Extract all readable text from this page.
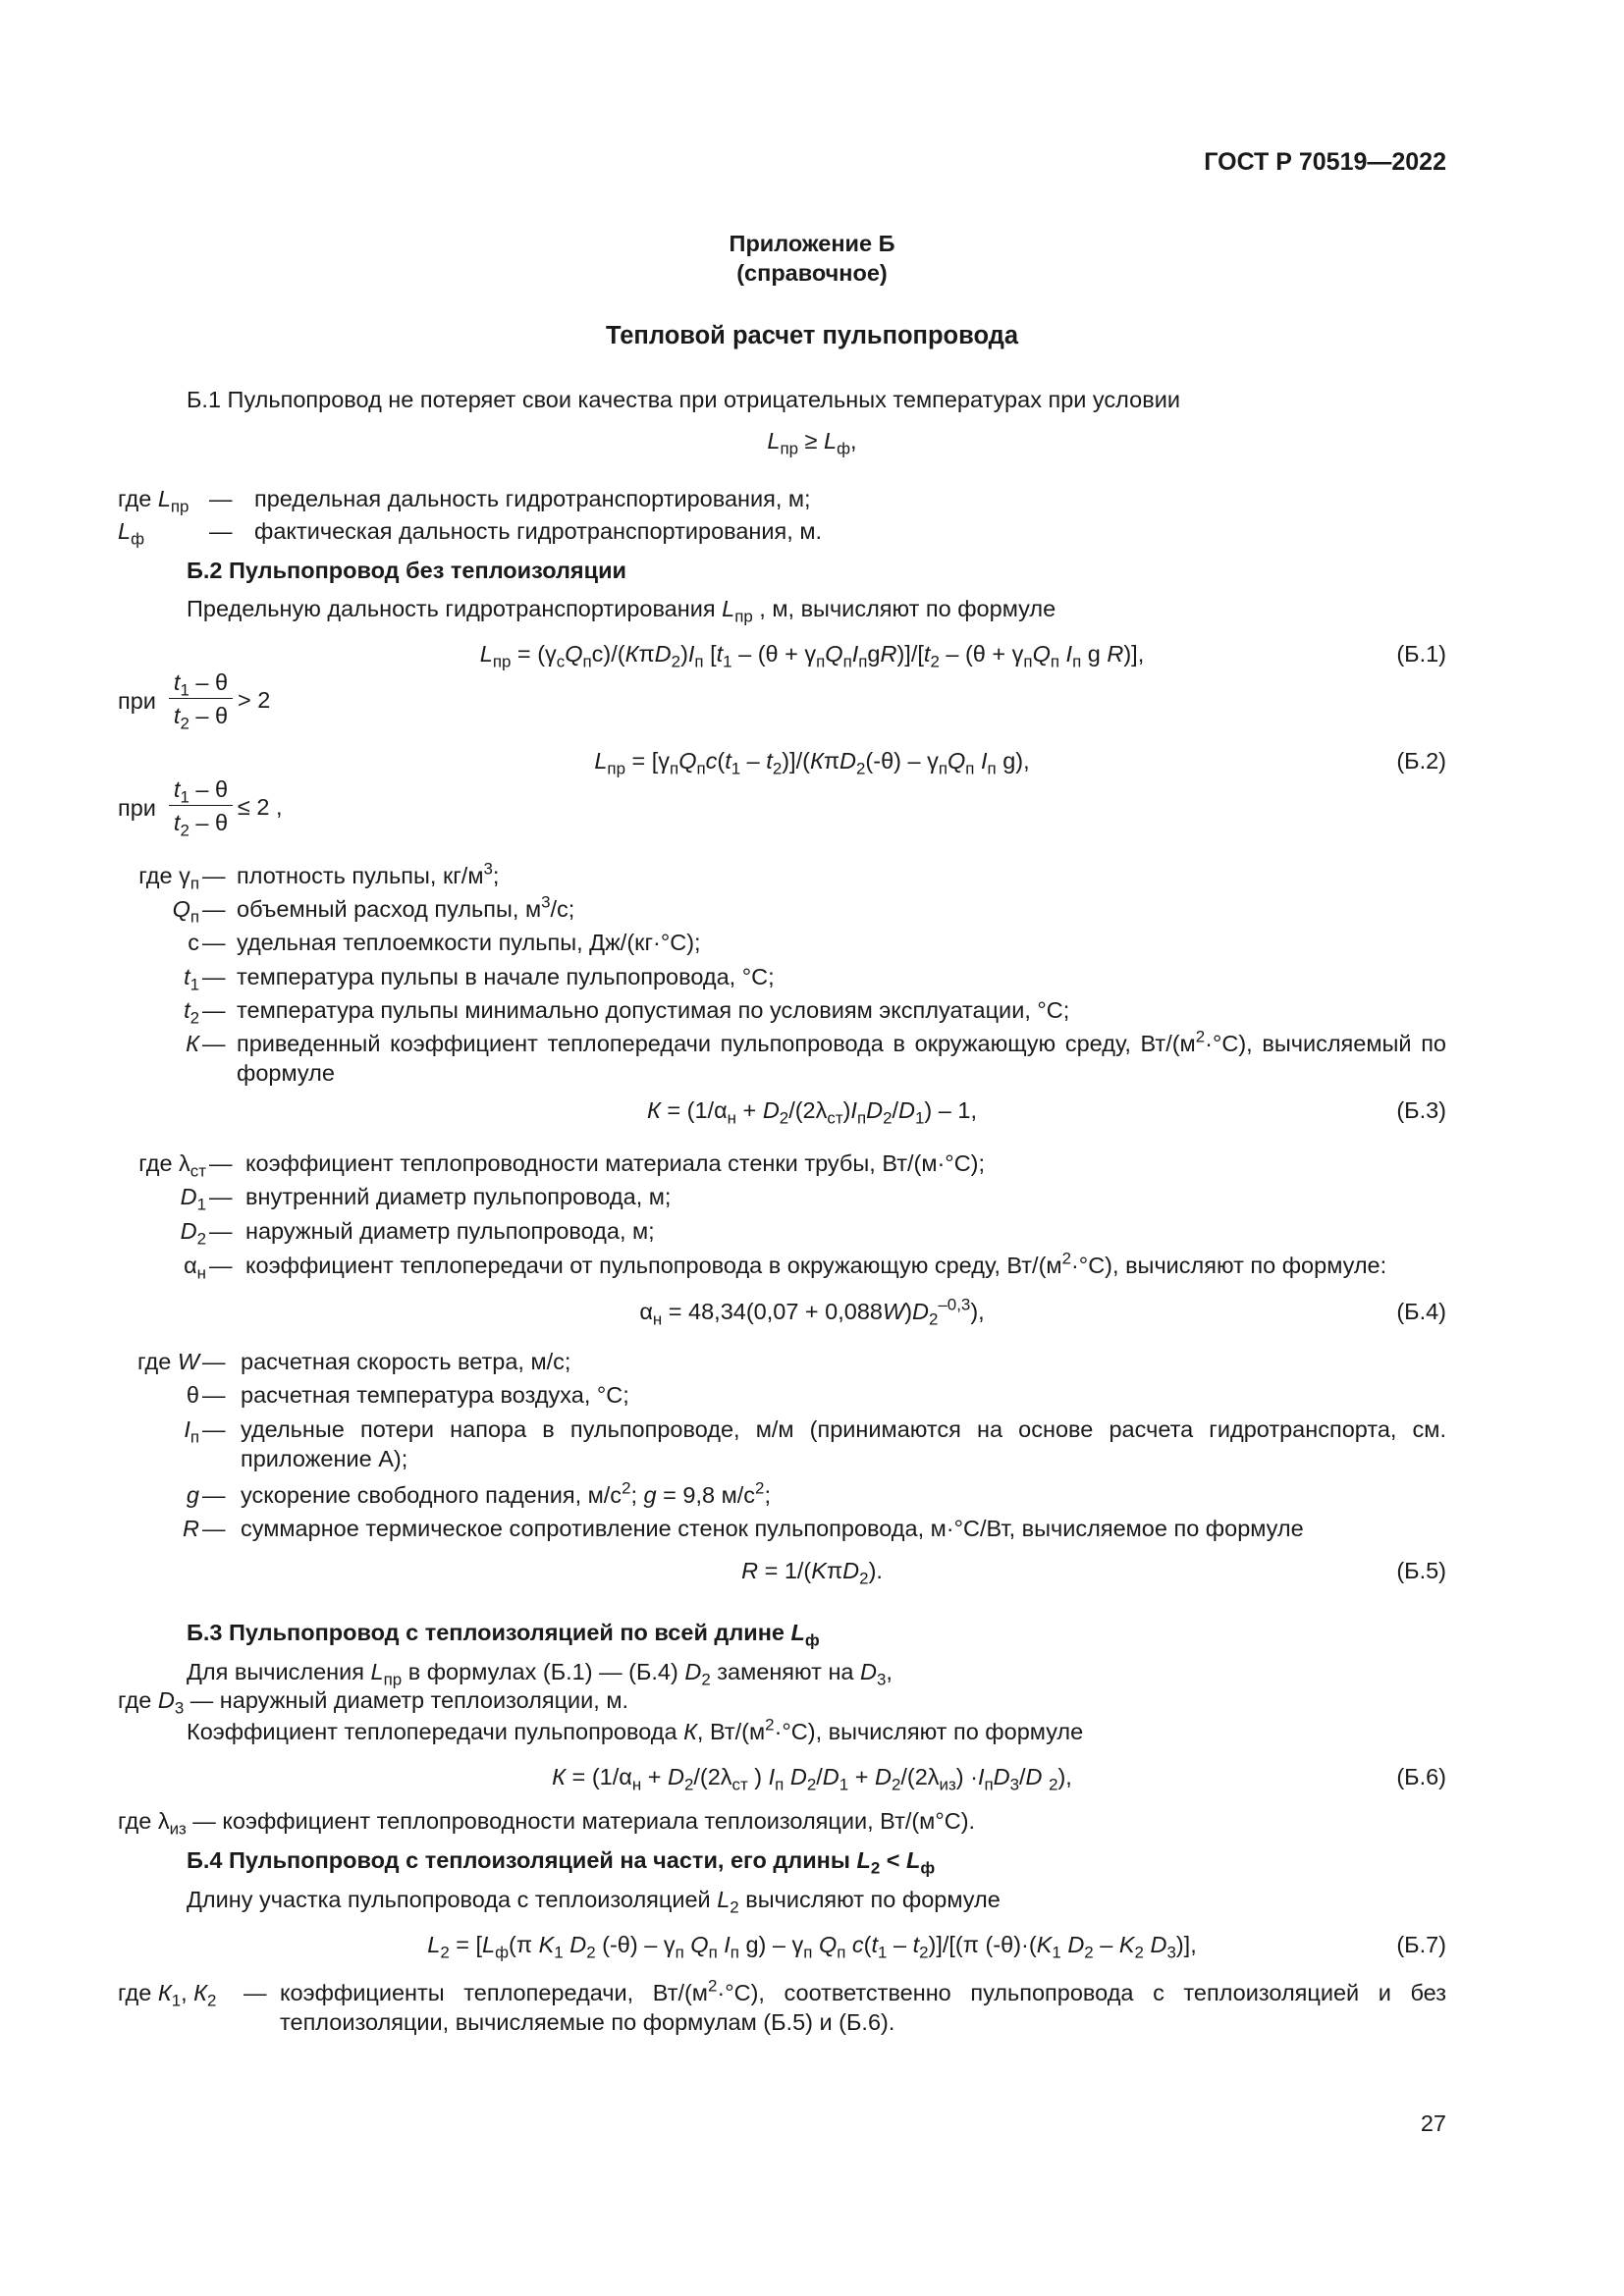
ГОСТ Р 70519—2022
Приложение Б
(справочное)
Тепловой расчет пульпопровода
Б.1 Пульпопровод не потеряет свои качества при отрицательных температурах при условии
$L_{пр} \ge L_ф$,
где $L_{пр}$ — предельная дальность гидротранспортирования, м;
$L_ф$	— фактическая дальность гидротранспортирования, м.
Б.2 Пульпопровод без теплоизоляции
Предельную дальность гидротранспортирования $L_{пр}$ , м, вычисляют по формуле
$L_{пр} = (\gamma_сQ_пс)/(К\pi D_2)I_п$ $[t_1 - (\theta + \gamma_пQ_пI_пgR)]/[t_2 - (\theta + \gamma_пQ_п$ $I_п$ g R)],	(Б.1)
при
$t_1$ – θ
$t_2$ – θ
> 2
$L_{пр} = [\gamma_пQ_пс(t_1 - t_2)]/(К\pi D_2(-\theta) - \gamma_пQ_п$ $I_п$ g),	(Б.2)
при
$t_1$ – θ
$t_2$ – θ
≤ 2 ,
где $\gamma_п$ — плотность пульпы, $кг/м^3$;
$Q_п$ — объемный расход пульпы, $м^3/с$;
с — удельная теплоемкости пульпы, Дж/(кг·°С);
$t_1$ — температура пульпы в начале пульпопровода, °С;
$t_2$ — температура пульпы минимально допустимая по условиям эксплуатации, °С;
К — приведенный коэффициент теплопередачи пульпопровода в окружающую среду, $Вт/(м^2\cdot^\circ С)$, вычисляемый по формуле
$К = (1/\alpha_н + D_2/(2\lambda_{ст})I_пD_2/D_1) - 1$,	(Б.3)
где $\lambda_{ст}$ — коэффициент теплопроводности материала стенки трубы, Вт/(м·°С);
$D_1$ — внутренний диаметр пульпопровода, м;
$D_2$ — наружный диаметр пульпопровода, м;
$\alpha_н$ — коэффициент теплопередачи от пульпопровода в окружающую среду, $Вт/(м^2\cdot^\circ С)$, вычисляют по формуле:
$\alpha_н = 48,34(0,07 + 0,088W)D_2^{-0,3}$),	(Б.4)
где W — расчетная скорость ветра, м/с;
θ — расчетная температура воздуха, °С;
$I_п$ — удельные потери напора в пульпопроводе, м/м (принимаются на основе расчета гидротранспорта, см. приложение А);
g — ускорение свободного падения, $м/с^2$; g = 9,8 $м/с^2$;
R — суммарное термическое сопротивление стенок пульпопровода, м·°С/Вт, вычисляемое по формуле
R = 1/(KπD$_2$).	(Б.5)
Б.3 Пульпопровод с теплоизоляцией по всей длине $L_ф$
Для вычисления $L_{пр}$ в формулах (Б.1) — (Б.4) $D_2$ заменяют на $D_3$,
где $D_3$ — наружный диаметр теплоизоляции, м.
Коэффициент теплопередачи пульпопровода К, $Вт/(м^2\cdot^\circ С)$, вычисляют по формуле
$К = (1/\alpha_н + D_2/(2\lambda_{ст}$ ) $I_п$ $D_2/D_1 + D_2/(2\lambda_{из}) \cdot I_пD_3/D$ $_2$),	(Б.6)
где $\lambda_{из}$ — коэффициент теплопроводности материала теплоизоляции, Вт/(м°С).
Б.4 Пульпопровод с теплоизоляцией на части, его длины $L_2 < L_ф$
Длину участка пульпопровода с теплоизоляцией $L_2$ вычисляют по формуле
$L_2 = [L_ф(\pi$ $K_1$ $D_2$ $(-\theta) - \gamma_п$ $Q_п$ $I_п$ $g) - \gamma_п$ $Q_п$ $c(t_1 - t_2)]/[(\pi$ $(-\theta)\cdot(K_1$ $D_2 - K_2$ $D_3$)],	(Б.7)
где $К_1$, $К_2$ — коэффициенты теплопередачи, $Вт/(м^2\cdot^\circ С)$, соответственно пульпопровода с теплоизоляцией и без теплоизоляции, вычисляемые по формулам (Б.5) и (Б.6).
27
